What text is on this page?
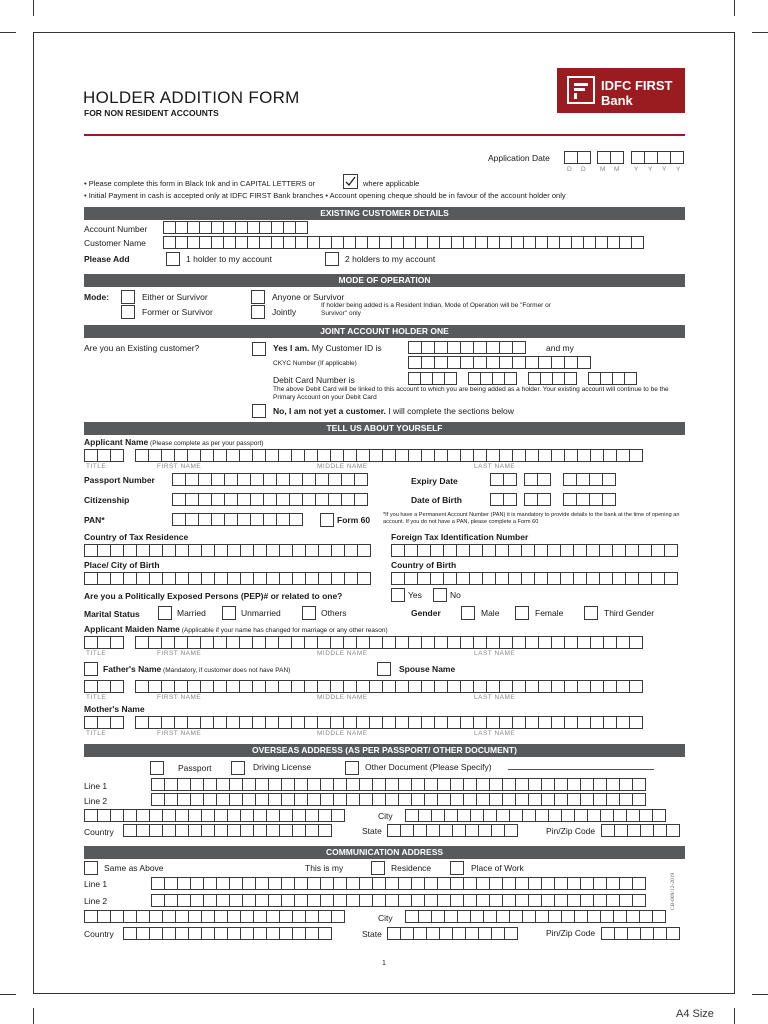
HOLDER ADDITION FORM
FOR NON RESIDENT ACCOUNTS
IDFC FIRST
Bank
Application Date
D D M M Y Y Y Y
• Please complete this form in Black Ink and in CAPITAL LETTERS or	where applicable
• Initial Payment in cash is accepted only at IDFC FIRST Bank branches • Account opening cheque should be in favour of the account holder only
EXISTING CUSTOMER DETAILS
Account Number
Customer Name
Please Add	1 holder to my account	2 holders to my account
MODE OF OPERATION
Mode:	Either or Survivor	Anyone or Survivor
Former or Survivor	Jointly
If holder being added is a Resident Indian, Mode of Operation will be "Former or Survivor" only
JOINT ACCOUNT HOLDER ONE
Are you an Existing customer?	Yes I am. My Customer ID is	and my
CKYC Number (If applicable)
Debit Card Number is
The above Debit Card will be linked to this account to which you are being added as a holder. Your existing account will continue to be the Primary Account on your Debit Card
No, I am not yet a customer. I will complete the sections below
TELL US ABOUT YOURSELF
Applicant Name (Please complete as per your passport)
TITLE	FIRST NAME	MIDDLE NAME	LAST NAME
Passport Number	Expiry Date
Citizenship	Date of Birth
PAN*	Form 60 *If you have a Permanent Account Number (PAN) it is mandatory to provide details to the bank at the time of opening an account. If you do not have a PAN, please complete a Form 60
Country of Tax Residence	Foreign Tax Identification Number
Place/ City of Birth	Country of Birth
Are you a Politically Exposed Persons (PEP)# or related to one?	Yes	No
Marital Status	Married	Unmarried	Others	Gender	Male	Female	Third Gender
Applicant Maiden Name (Applicable if your name has changed for marriage or any other reason)
TITLE	FIRST NAME	MIDDLE NAME	LAST NAME
Father's Name (Mandatory, if customer does not have PAN)	Spouse Name
TITLE	FIRST NAME	MIDDLE NAME	LAST NAME
Mother's Name
TITLE	FIRST NAME	MIDDLE NAME	LAST NAME
OVERSEAS ADDRESS (AS PER PASSPORT/ OTHER DOCUMENT)
Passport	Driving License	Other Document (Please Specify)
Line 1
Line 2
City
Country	State	Pin/Zip Code
COMMUNICATION ADDRESS
Same as Above	This is my	Residence	Place of Work
Line 1
Line 2
City
Country	State	Pin/Zip Code
CB-009/12-2019
1
A4 Size
